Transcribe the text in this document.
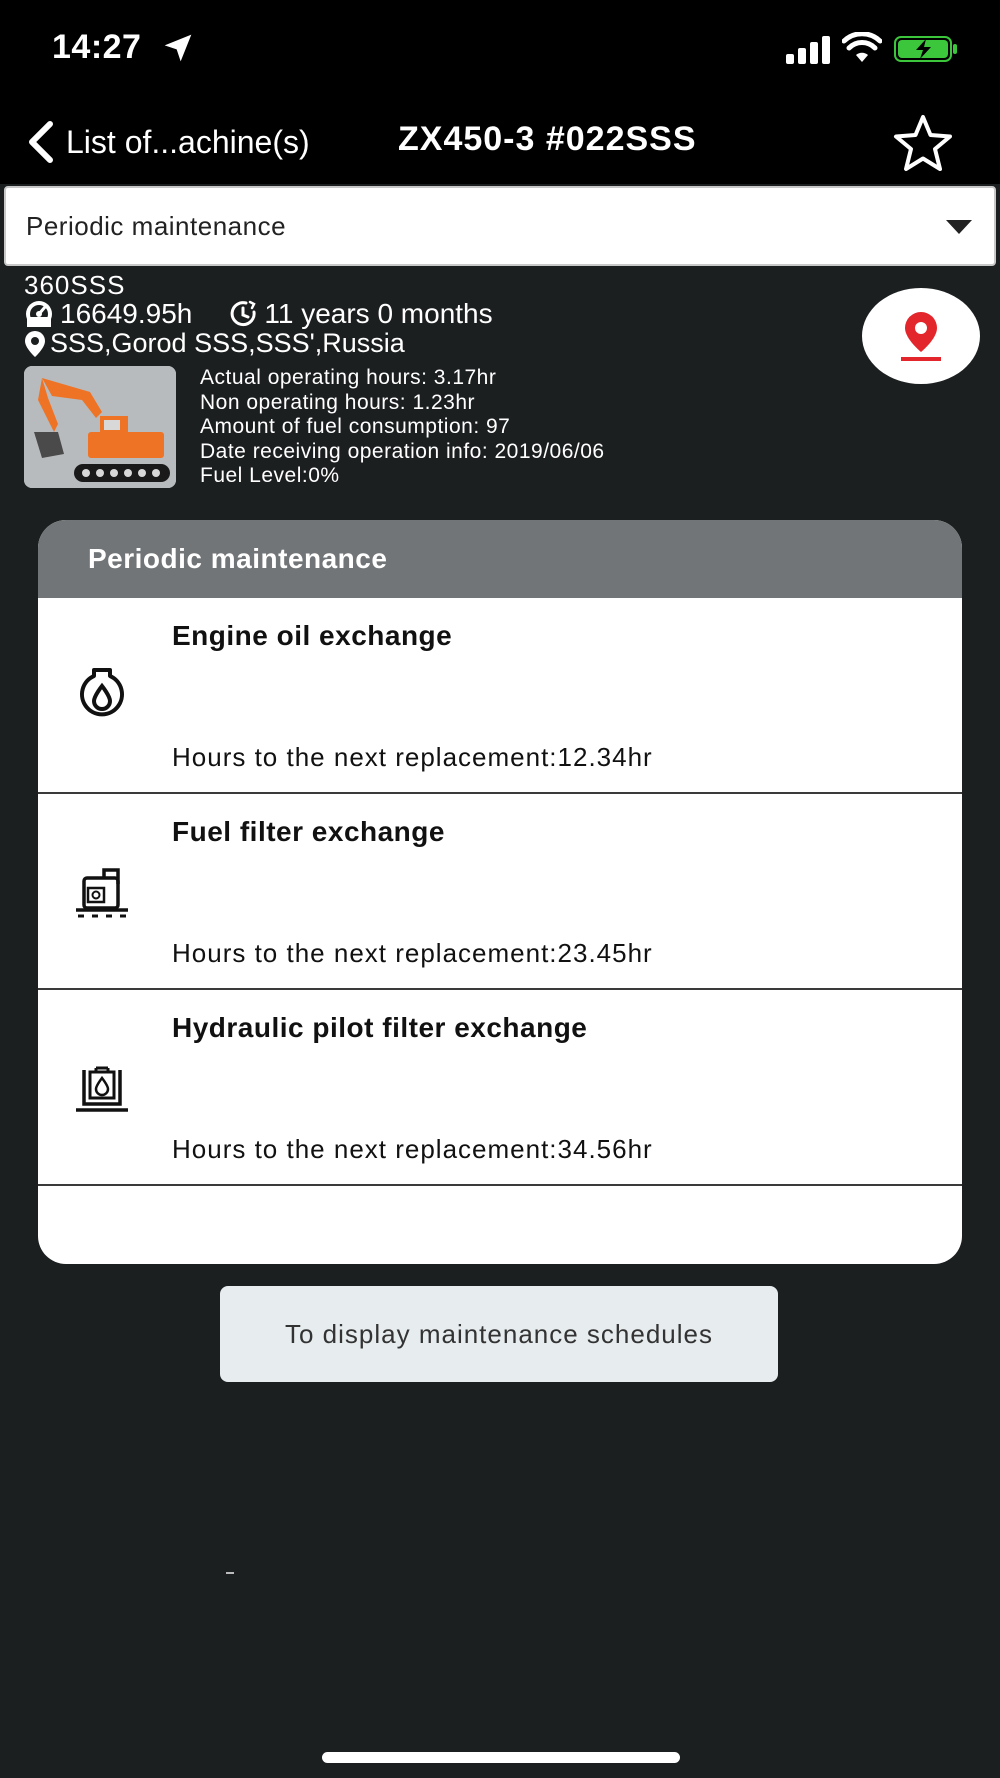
14:27
List of...achine(s)	ZX450-3 #022SSS
Periodic maintenance
360SSS
16649.95h	11 years 0 months
SSS,Gorod SSS,SSS',Russia
Actual operating hours: 3.17hr
Non operating hours: 1.23hr
Amount of fuel consumption: 97
Date receiving operation info: 2019/06/06
Fuel Level:0%
Periodic maintenance
Engine oil exchange
Hours to the next replacement:12.34hr
Fuel filter exchange
Hours to the next replacement:23.45hr
Hydraulic pilot filter exchange
Hours to the next replacement:34.56hr
To display maintenance schedules
